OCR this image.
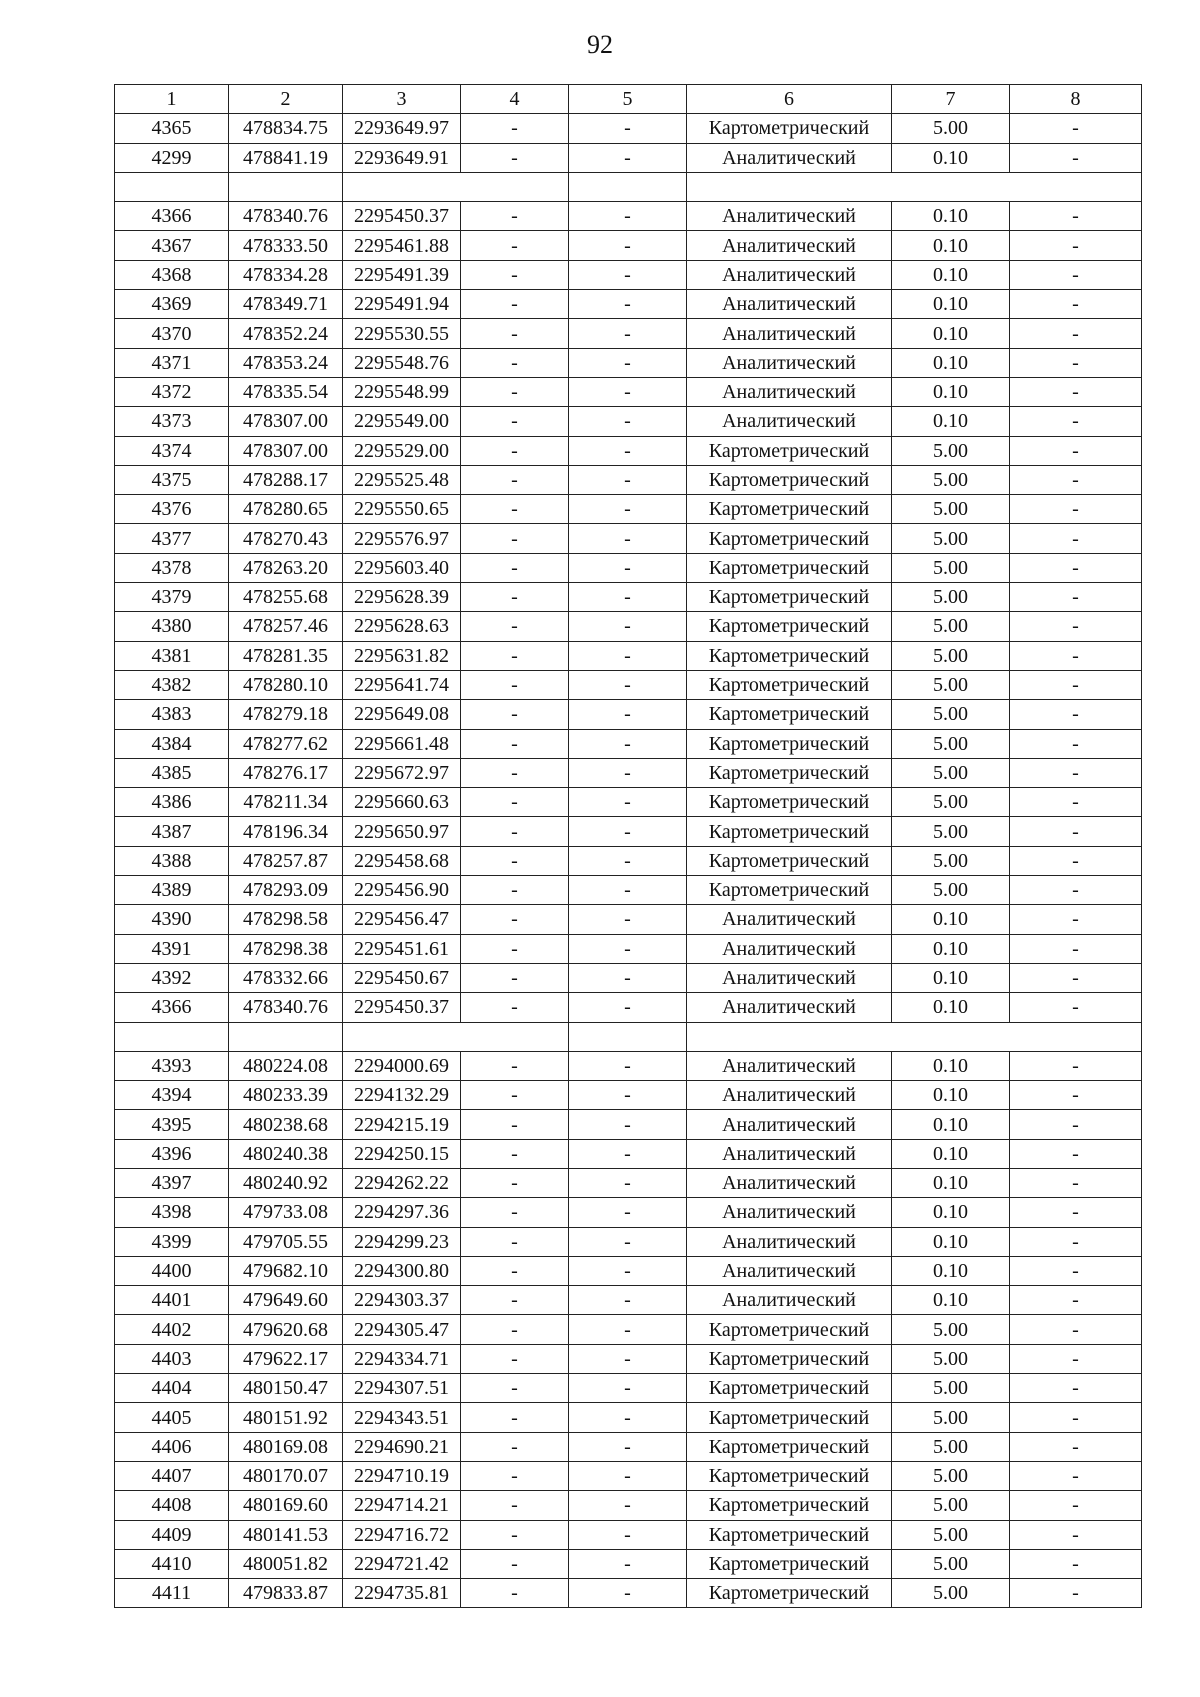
92
1	2	3	4	5	6	7	8
4365	478834.75	2293649.97	-	-	Картометрический	5.00	-
4299	478841.19	2293649.91	-	-	Аналитический	0.10	-

4366	478340.76	2295450.37	-	-	Аналитический	0.10	-
4367	478333.50	2295461.88	-	-	Аналитический	0.10	-
4368	478334.28	2295491.39	-	-	Аналитический	0.10	-
4369	478349.71	2295491.94	-	-	Аналитический	0.10	-
4370	478352.24	2295530.55	-	-	Аналитический	0.10	-
4371	478353.24	2295548.76	-	-	Аналитический	0.10	-
4372	478335.54	2295548.99	-	-	Аналитический	0.10	-
4373	478307.00	2295549.00	-	-	Аналитический	0.10	-
4374	478307.00	2295529.00	-	-	Картометрический	5.00	-
4375	478288.17	2295525.48	-	-	Картометрический	5.00	-
4376	478280.65	2295550.65	-	-	Картометрический	5.00	-
4377	478270.43	2295576.97	-	-	Картометрический	5.00	-
4378	478263.20	2295603.40	-	-	Картометрический	5.00	-
4379	478255.68	2295628.39	-	-	Картометрический	5.00	-
4380	478257.46	2295628.63	-	-	Картометрический	5.00	-
4381	478281.35	2295631.82	-	-	Картометрический	5.00	-
4382	478280.10	2295641.74	-	-	Картометрический	5.00	-
4383	478279.18	2295649.08	-	-	Картометрический	5.00	-
4384	478277.62	2295661.48	-	-	Картометрический	5.00	-
4385	478276.17	2295672.97	-	-	Картометрический	5.00	-
4386	478211.34	2295660.63	-	-	Картометрический	5.00	-
4387	478196.34	2295650.97	-	-	Картометрический	5.00	-
4388	478257.87	2295458.68	-	-	Картометрический	5.00	-
4389	478293.09	2295456.90	-	-	Картометрический	5.00	-
4390	478298.58	2295456.47	-	-	Аналитический	0.10	-
4391	478298.38	2295451.61	-	-	Аналитический	0.10	-
4392	478332.66	2295450.67	-	-	Аналитический	0.10	-
4366	478340.76	2295450.37	-	-	Аналитический	0.10	-

4393	480224.08	2294000.69	-	-	Аналитический	0.10	-
4394	480233.39	2294132.29	-	-	Аналитический	0.10	-
4395	480238.68	2294215.19	-	-	Аналитический	0.10	-
4396	480240.38	2294250.15	-	-	Аналитический	0.10	-
4397	480240.92	2294262.22	-	-	Аналитический	0.10	-
4398	479733.08	2294297.36	-	-	Аналитический	0.10	-
4399	479705.55	2294299.23	-	-	Аналитический	0.10	-
4400	479682.10	2294300.80	-	-	Аналитический	0.10	-
4401	479649.60	2294303.37	-	-	Аналитический	0.10	-
4402	479620.68	2294305.47	-	-	Картометрический	5.00	-
4403	479622.17	2294334.71	-	-	Картометрический	5.00	-
4404	480150.47	2294307.51	-	-	Картометрический	5.00	-
4405	480151.92	2294343.51	-	-	Картометрический	5.00	-
4406	480169.08	2294690.21	-	-	Картометрический	5.00	-
4407	480170.07	2294710.19	-	-	Картометрический	5.00	-
4408	480169.60	2294714.21	-	-	Картометрический	5.00	-
4409	480141.53	2294716.72	-	-	Картометрический	5.00	-
4410	480051.82	2294721.42	-	-	Картометрический	5.00	-
4411	479833.87	2294735.81	-	-	Картометрический	5.00	-
